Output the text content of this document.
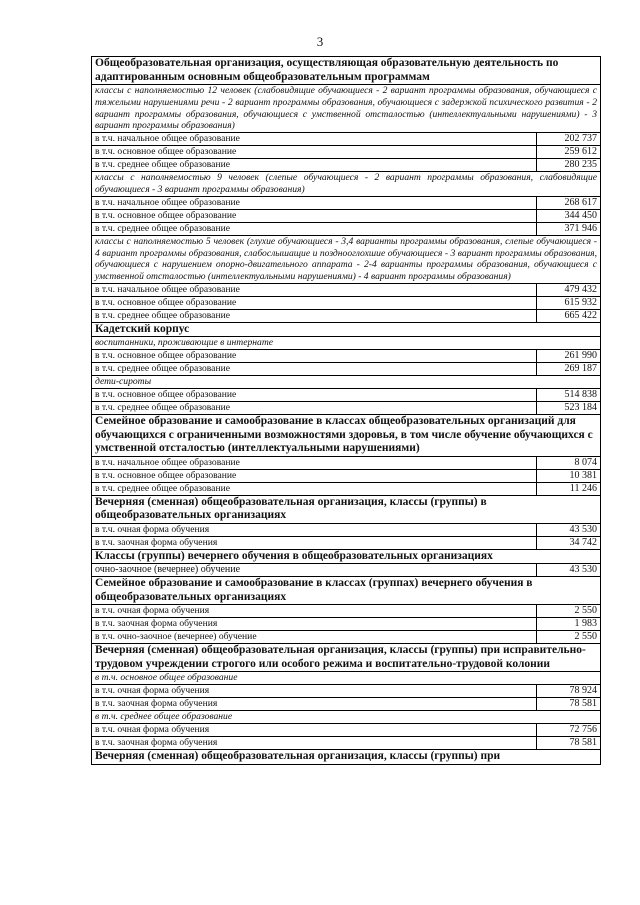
3
Общеобразовательная организация, осуществляющая образовательную деятельность по адаптированным основным общеобразовательным программам	
классы с наполняемостью 12 человек (слабовидящие обучающиеся - 2 вариант программы образования, обучающиеся с тяжелыми нарушениями речи - 2 вариант программы образования, обучающиеся с задержкой психического развития - 2 вариант программы образования, обучающиеся с умственной отсталостью (интеллектуальными нарушениями) - 3 вариант программы образования)	
в т.ч. начальное общее образование	202 737
в т.ч. основное общее образование	259 612
в т.ч. среднее общее образование	280 235
классы с наполняемостью 9 человек (слепые обучающиеся - 2 вариант программы образования, слабовидящие обучающиеся - 3 вариант программы образования)	
в т.ч. начальное общее образование	268 617
в т.ч. основное общее образование	344 450
в т.ч. среднее общее образование	371 946
классы с наполняемостью 5 человек (глухие обучающиеся - 3,4 варианты программы образования, слепые обучающиеся - 4 вариант программы образования, слабослышащие и позднооглохшие обучающиеся - 3 вариант программы образования, обучающиеся с нарушением опорно-двигательного аппарата - 2-4 варианты программы образования, обучающиеся с умственной отсталостью (интеллектуальными нарушениями) - 4 вариант программы образования)	
в т.ч. начальное общее образование	479 432
в т.ч. основное общее образование	615 932
в т.ч. среднее общее образование	665 422
Кадетский корпус	
воспитанники, проживающие в интернате	
в т.ч. основное общее образование	261 990
в т.ч. среднее общее образование	269 187
дети-сироты	
в т.ч. основное общее образование	514 838
в т.ч. среднее общее образование	523 184
Семейное образование и самообразование в классах общеобразовательных организаций для обучающихся с ограниченными возможностями здоровья, в том числе обучение обучающихся с умственной отсталостью (интеллектуальными нарушениями)	
в т.ч. начальное общее образование	8 074
в т.ч. основное общее образование	10 381
в т.ч. среднее общее образование	11 246
Вечерняя (сменная) общеобразовательная организация, классы (группы) в общеобразовательных организациях	
в т.ч. очная форма обучения	43 530
в т.ч. заочная форма обучения	34 742
Классы (группы) вечернего обучения в общеобразовательных организациях	
очно-заочное (вечернее) обучение	43 530
Семейное образование и самообразование в классах (группах) вечернего обучения в общеобразовательных организациях	
в т.ч. очная форма обучения	2 550
в т.ч. заочная форма обучения	1 983
в т.ч. очно-заочное (вечернее) обучение	2 550
Вечерняя (сменная) общеобразовательная организация, классы (группы) при исправительно-трудовом учреждении строгого или особого режима и воспитательно-трудовой колонии	
в т.ч. основное общее образование	
в т.ч. очная форма обучения	78 924
в т.ч. заочная форма обучения	78 581
в т.ч. среднее общее образование	
в т.ч. очная форма обучения	72 756
в т.ч. заочная форма обучения	78 581
Вечерняя (сменная) общеобразовательная организация, классы (группы) при	
